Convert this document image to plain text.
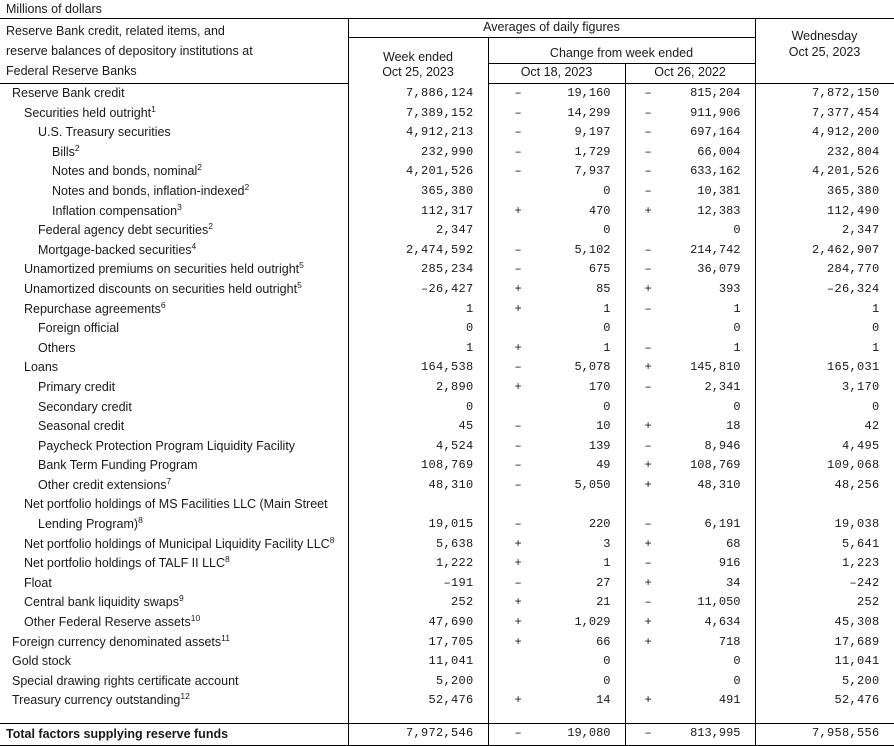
Millions of dollars
Reserve Bank credit, related items, and
reserve balances of depository institutions at
Federal Reserve Banks	Averages of daily figures			Wednesday
Oct 25, 2023

	Week ended
Oct 25, 2023	Change from week ended		
		Oct 18, 2023	Oct 26, 2022	

Reserve Bank credit	7,886,124	– 19,160	– 815,204	7,872,150

Securities held outright$^1$	7,389,152	– 14,299	– 911,906	7,377,454

U.S. Treasury securities	4,912,213	– 9,197	– 697,164	4,912,200

Bills$^2$	232,990	– 1,729	– 66,004	232,804

Notes and bonds, nominal$^2$	4,201,526	– 7,937	– 633,162	4,201,526

Notes and bonds, inflation-indexed$^2$	365,380	0	– 10,381	365,380

Inflation compensation$^3$	112,317	+ 470	+ 12,383	112,490

Federal agency debt securities$^2$	2,347	0	0	2,347

Mortgage-backed securities$^4$	2,474,592	– 5,102	– 214,742	2,462,907

Unamortized premiums on securities held outright$^5$	285,234	– 675	– 36,079	284,770

Unamortized discounts on securities held outright$^5$	–26,427	+ 85	+ 393	–26,324

Repurchase agreements$^6$	1	+ 1	– 1	1

Foreign official	0	0	0	0

Others	1	+ 1	– 1	1

Loans	164,538	– 5,078	+ 145,810	165,031

Primary credit	2,890	+ 170	– 2,341	3,170

Secondary credit	0	0	0	0

Seasonal credit	45	– 10	+ 18	42

Paycheck Protection Program Liquidity Facility	4,524	– 139	– 8,946	4,495

Bank Term Funding Program	108,769	– 49	+ 108,769	109,068

Other credit extensions$^7$	48,310	– 5,050	+ 48,310	48,256

Net portfolio holdings of MS Facilities LLC (Main Street
Lending Program)$^8$	19,015	– 220	– 6,191	19,038

Net portfolio holdings of Municipal Liquidity Facility LLC$^8$	5,638	+ 3	+ 68	5,641

Net portfolio holdings of TALF II LLC$^8$	1,222	+ 1	– 916	1,223

Float	–191	– 27	+ 34	–242

Central bank liquidity swaps$^9$	252	+ 21	– 11,050	252

Other Federal Reserve assets$^{10}$	47,690	+ 1,029	+ 4,634	45,308

Foreign currency denominated assets$^{11}$	17,705	+ 66	+ 718	17,689

Gold stock	11,041	0	0	11,041

Special drawing rights certificate account	5,200	0	0	5,200

Treasury currency outstanding$^{12}$	52,476	+ 14	+ 491	52,476

Total factors supplying reserve funds	7,972,546	– 19,080	– 813,995	7,958,556
